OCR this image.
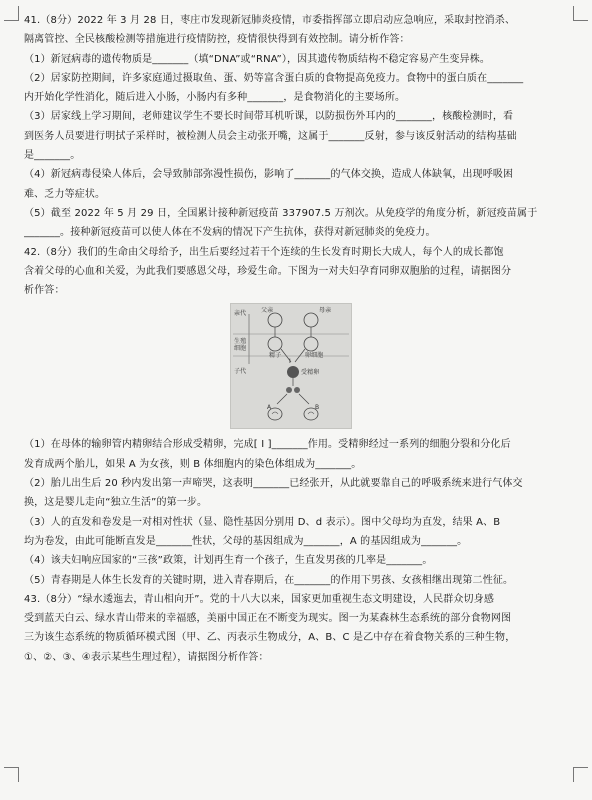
41.（8分）2022 年 3 月 28 日，枣庄市发现新冠肺炎疫情，市委指挥部立即启动应急响应，采取封控消杀、
隔离管控、全民核酸检测等措施进行疫情防控，疫情很快得到有效控制。请分析作答：
（1）新冠病毒的遗传物质是_______（填“DNA”或“RNA”），因其遗传物质结构不稳定容易产生变异株。
（2）居家防控期间，许多家庭通过摄取鱼、蛋、奶等富含蛋白质的食物提高免疫力。食物中的蛋白质在_______
内开始化学性消化，随后进入小肠，小肠内有多种_______，是食物消化的主要场所。
（3）居家线上学习期间，老师建议学生不要长时间带耳机听课，以防损伤外耳内的_______，核酸检测时，看
到医务人员要进行明拭子采样时，被检测人员会主动张开嘴，这属于_______反射，参与该反射活动的结构基础
是_______。
（4）新冠病毒侵染人体后，会导致肺部弥漫性损伤，影响了_______的气体交换，造成人体缺氧，出现呼吸困
难、乏力等症状。
（5）截至 2022 年 5 月 29 日，全国累计接种新冠疫苗 337907.5 万剂次。从免疫学的角度分析，新冠疫苗属于
_______。接种新冠疫苗可以使人体在不发病的情况下产生抗体，获得对新冠肺炎的免疫力。
42.（8分）我们的生命由父母给予，出生后要经过若干个连续的生长发育时期长大成人，每个人的成长都饱
含着父母的心血和关爱，为此我们要感恩父母，珍爱生命。下图为一对夫妇孕育同卵双胞胎的过程，请据图分
析作答：
亲代 父亲	母亲
生殖
细胞
精子	卵细胞
I
子代	受精卵
A	B
（1）在母体的输卵管内精卵结合形成受精卵，完成[ I ]_______作用。受精卵经过一系列的细胞分裂和分化后
发育成两个胎儿，如果 A 为女孩，则 B 体细胞内的染色体组成为_______。
（2）胎儿出生后 20 秒内发出第一声啼哭，这表明_______已经张开，从此就要靠自己的呼吸系统来进行气体交
换，这是婴儿走向“独立生活”的第一步。
（3）人的直发和卷发是一对相对性状（显、隐性基因分别用 D、d 表示）。图中父母均为直发，结果 A、B
均为卷发，由此可能断直发是_______性状，父母的基因组成为_______，A 的基因组成为_______。
（4）该夫妇响应国家的“三孩”政策，计划再生育一个孩子，生直发男孩的几率是_______。
（5）青春期是人体生长发育的关键时期，进入青春期后，在_______的作用下男孩、女孩相继出现第二性征。
43.（8分）“绿水逶迤去，青山相向开”。党的十八大以来，国家更加重视生态文明建设，人民群众切身感
受到蓝天白云、绿水青山带来的幸福感，美丽中国正在不断变为现实。图一为某森林生态系统的部分食物网图
三为该生态系统的物质循环模式图（甲、乙、丙表示生物成分，A、B、C 是乙中存在着食物关系的三种生物，
①、②、③、④表示某些生理过程），请据图分析作答：
